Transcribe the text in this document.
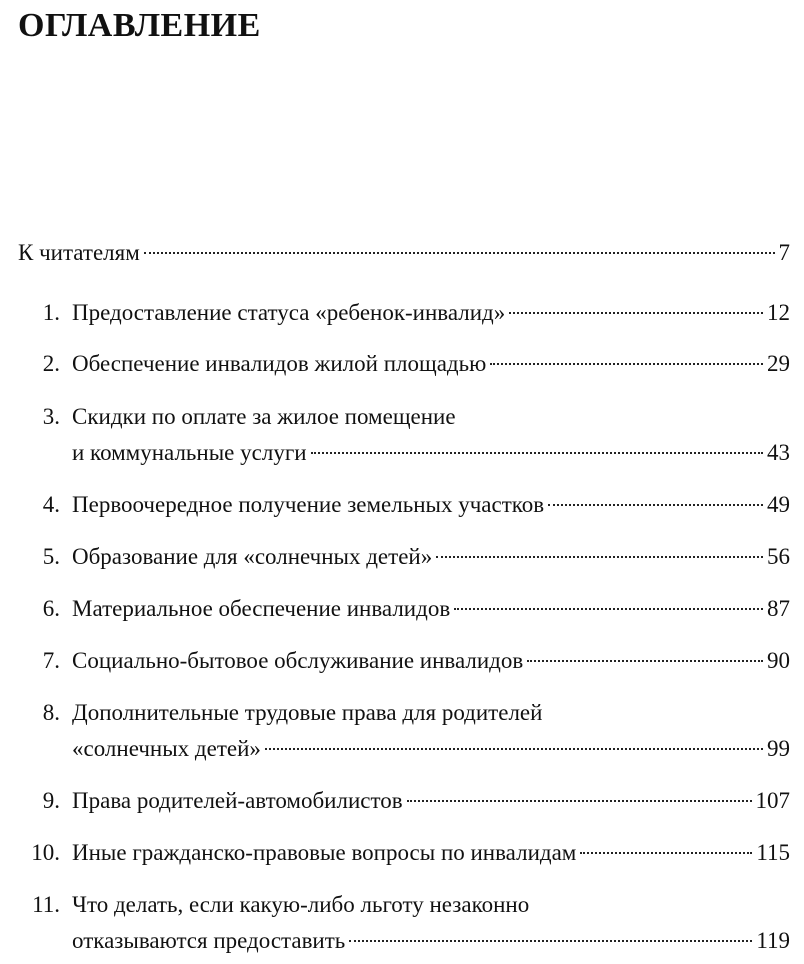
ОГЛАВЛЕНИЕ
К читателям	7
1. Предоставление статуса «ребенок-инвалид»	12
2. Обеспечение инвалидов жилой площадью	29
3. Скидки по оплате за жилое помещение
и коммунальные услуги	43
4. Первоочередное получение земельных участков	49
5. Образование для «солнечных детей»	56
6. Материальное обеспечение инвалидов	87
7. Социально-бытовое обслуживание инвалидов	90
8. Дополнительные трудовые права для родителей
«солнечных детей»	99
9. Права родителей-автомобилистов	107
10. Иные гражданско-правовые вопросы по инвалидам	115
11. Что делать, если какую-либо льготу незаконно
отказываются предоставить	119
